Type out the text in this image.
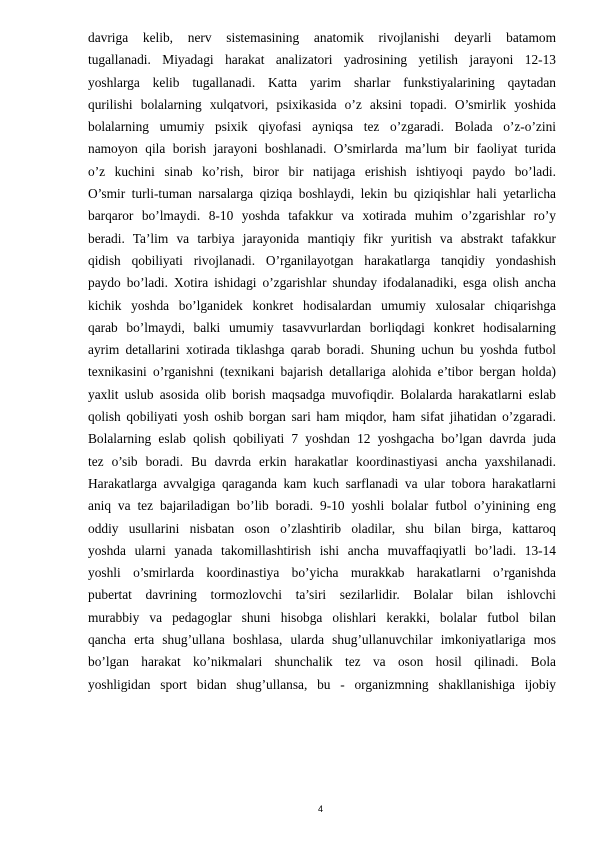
davriga kelib, nerv sistemasining anatomik rivojlanishi deyarli batamom
tugallanadi. Miyadagi harakat analizatori yadrosining yetilish jarayoni 12-13
yoshlarga kelib tugallanadi. Katta yarim sharlar funkstiyalarining qaytadan
qurilishi bolalarning xulqatvori, psixikasida o’z aksini topadi. O’smirlik yoshida
bolalarning umumiy psixik qiyofasi ayniqsa tez o’zgaradi. Bolada o’z-o’zini
namoyon qila borish jarayoni boshlanadi. O’smirlarda ma’lum bir faoliyat turida
o’z kuchini sinab ko’rish, biror bir natijaga erishish ishtiyoqi paydo bo’ladi.
O’smir turli-tuman narsalarga qiziqa boshlaydi, lekin bu qiziqishlar hali yetarlicha
barqaror bo’lmaydi. 8-10 yoshda tafakkur va xotirada muhim o’zgarishlar ro’y
beradi. Ta’lim va tarbiya jarayonida mantiqiy fikr yuritish va abstrakt tafakkur
qidish qobiliyati rivojlanadi. O’rganilayotgan harakatlarga tanqidiy yondashish
paydo bo’ladi. Xotira ishidagi o’zgarishlar shunday ifodalanadiki, esga olish ancha
kichik yoshda bo’lganidek konkret hodisalardan umumiy xulosalar chiqarishga
qarab bo’lmaydi, balki umumiy tasavvurlardan borliqdagi konkret hodisalarning
ayrim detallarini xotirada tiklashga qarab boradi. Shuning uchun bu yoshda futbol
texnikasini o’rganishni (texnikani bajarish detallariga alohida e’tibor bergan holda)
yaxlit uslub asosida olib borish maqsadga muvofiqdir. Bolalarda harakatlarni eslab
qolish qobiliyati yosh oshib borgan sari ham miqdor, ham sifat jihatidan o’zgaradi.
Bolalarning eslab qolish qobiliyati 7 yoshdan 12 yoshgacha bo’lgan davrda juda
tez o’sib boradi. Bu davrda erkin harakatlar koordinastiyasi ancha yaxshilanadi.
Harakatlarga avvalgiga qaraganda kam kuch sarflanadi va ular tobora harakatlarni
aniq va tez bajariladigan bo’lib boradi. 9-10 yoshli bolalar futbol o’yinining eng
oddiy usullarini nisbatan oson o’zlashtirib oladilar, shu bilan birga, kattaroq
yoshda ularni yanada takomillashtirish ishi ancha muvaffaqiyatli bo’ladi. 13-14
yoshli o’smirlarda koordinastiya bo’yicha murakkab harakatlarni o’rganishda
pubertat davrining tormozlovchi ta’siri sezilarlidir. Bolalar bilan ishlovchi
murabbiy va pedagoglar shuni hisobga olishlari kerakki, bolalar futbol bilan
qancha erta shug’ullana boshlasa, ularda shug’ullanuvchilar imkoniyatlariga mos
bo’lgan harakat ko’nikmalari shunchalik tez va oson hosil qilinadi. Bola
yoshligidan sport bidan shug’ullansa, bu - organizmning shakllanishiga ijobiy
4
